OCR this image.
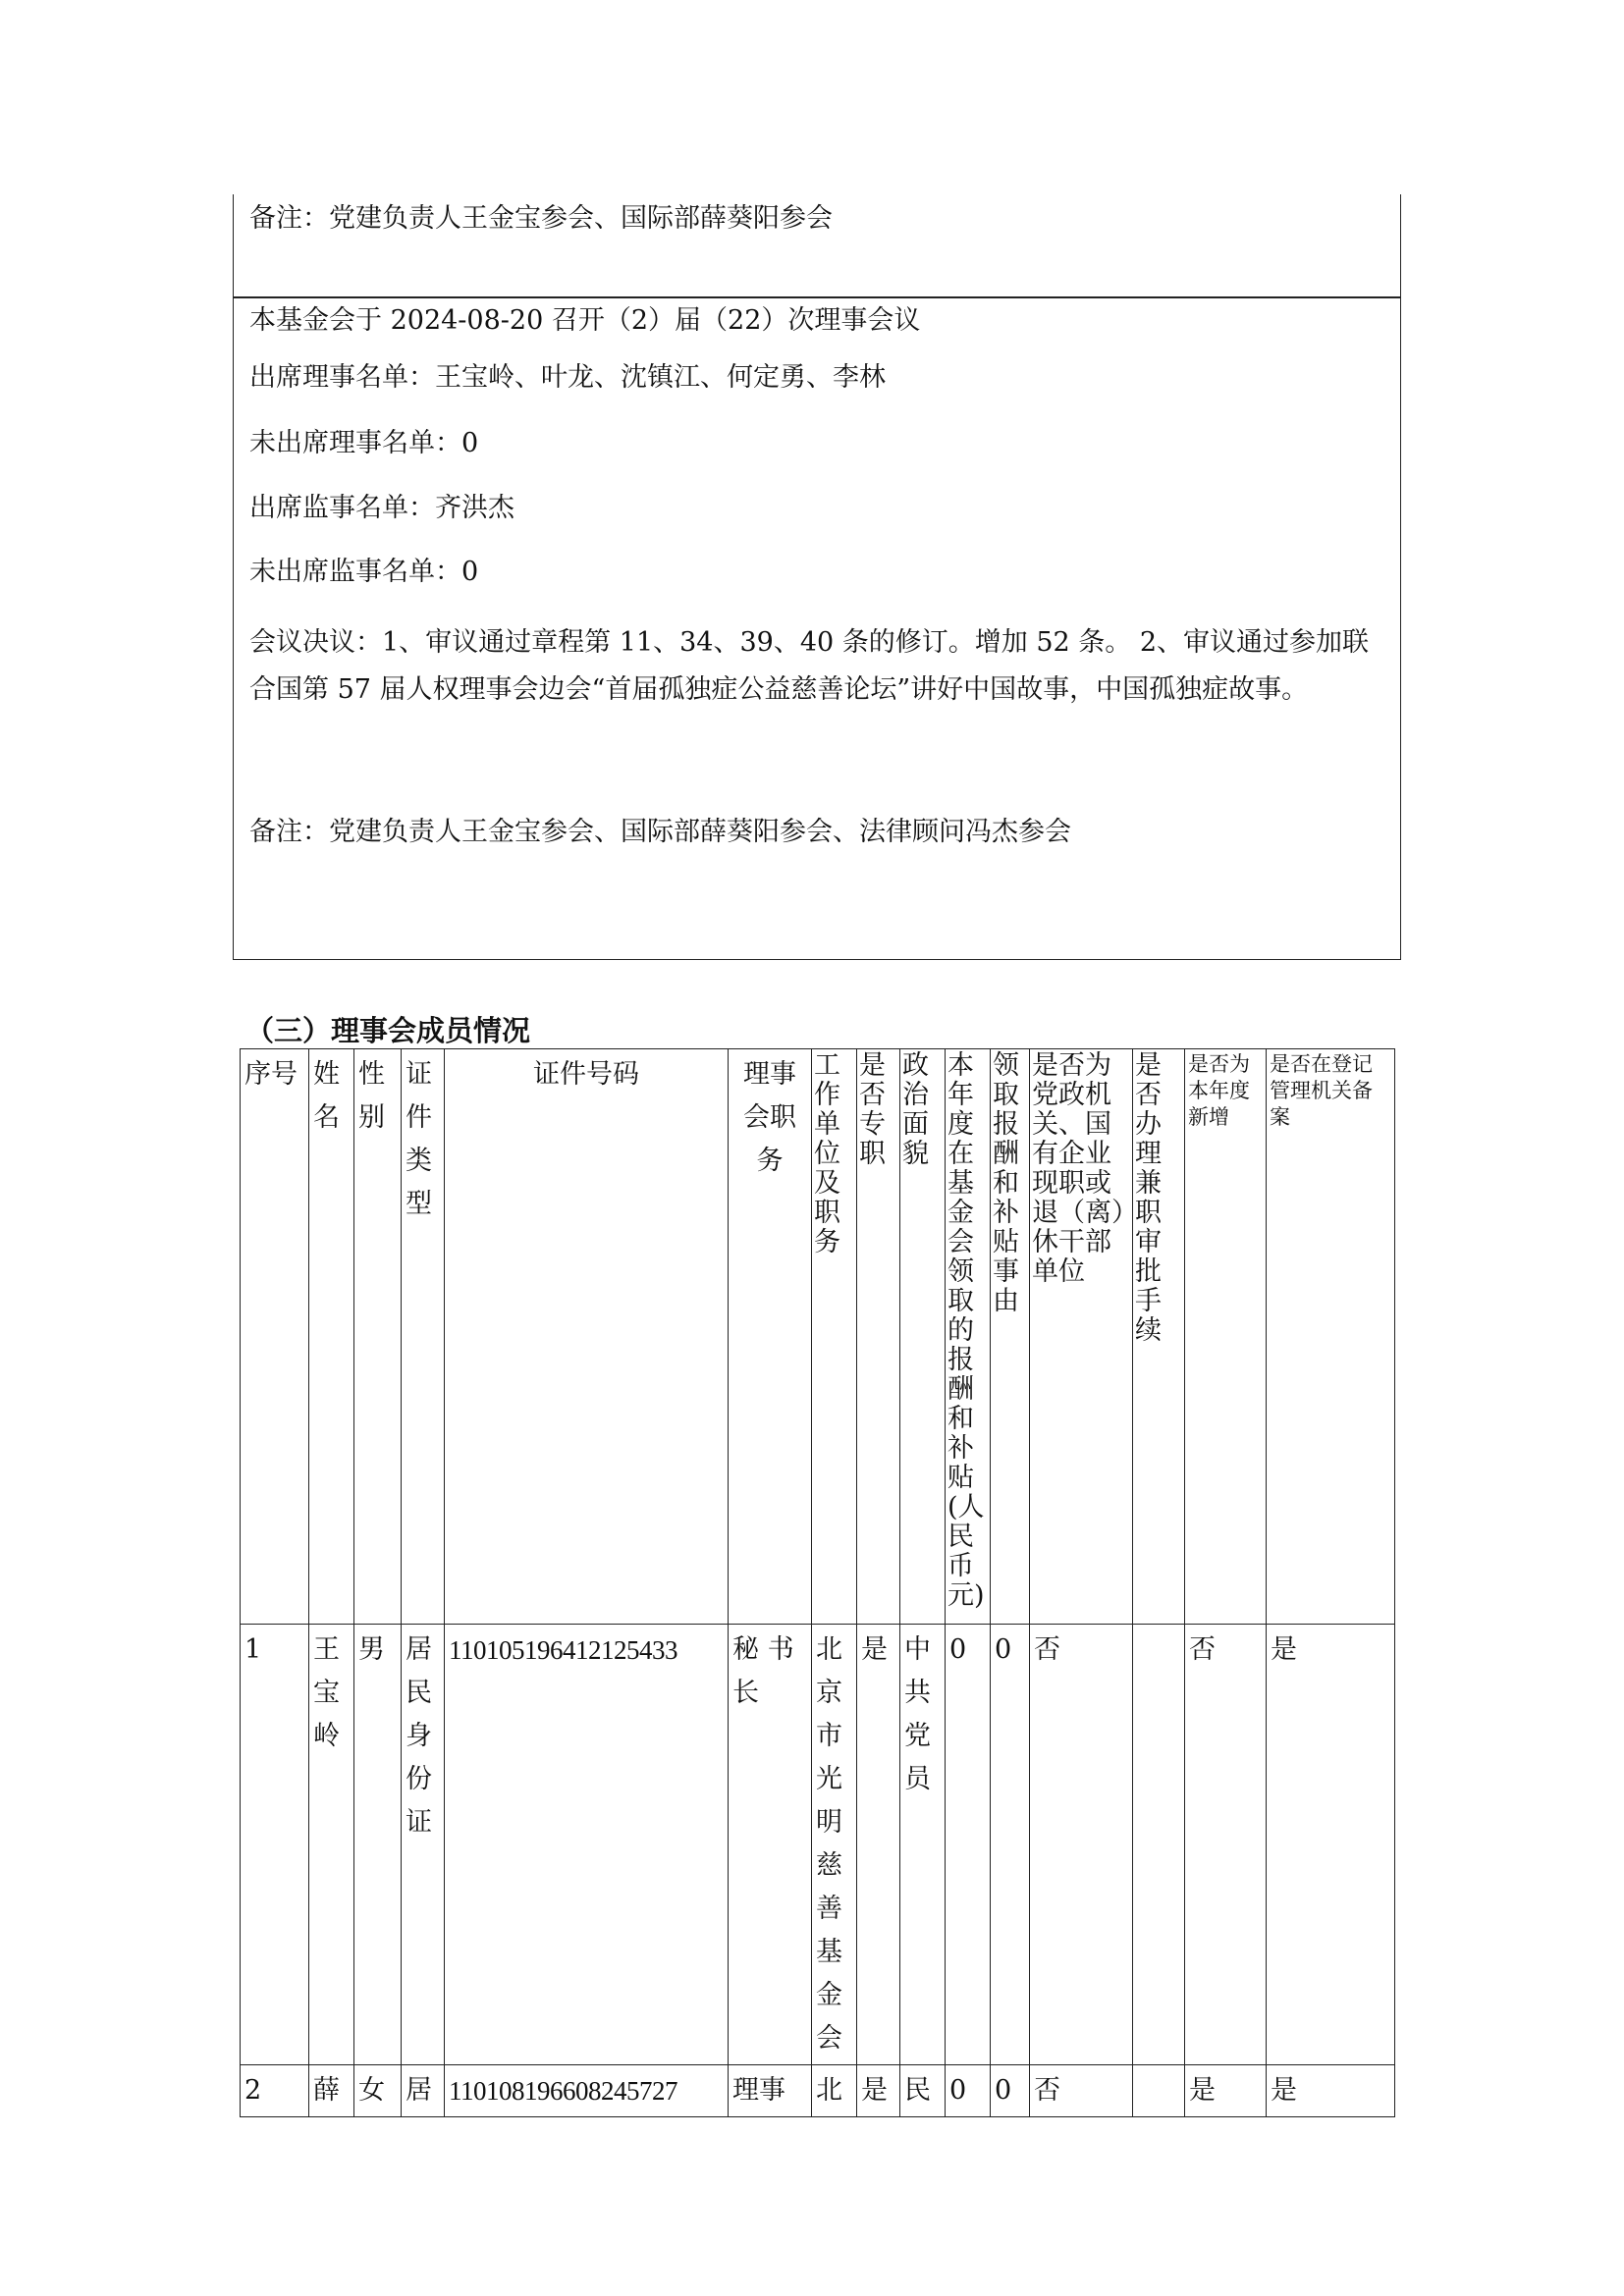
备注：党建负责人王金宝参会、国际部薛葵阳参会
本基金会于 2024-08-20 召开（2）届（22）次理事会议
出席理事名单：王宝岭、叶龙、沈镇江、何定勇、李林
未出席理事名单：0
出席监事名单：齐洪杰
未出席监事名单：0
会议决议：1、审议通过章程第 11、34、39、40 条的修订。增加 52 条。 2、审议通过参加联合国第 57 届人权理事会边会“首届孤独症公益慈善论坛”讲好中国故事，中国孤独症故事。
备注：党建负责人王金宝参会、国际部薛葵阳参会、法律顾问冯杰参会
（三）理事会成员情况
序号	姓名	性别	证件类型	证件号码	理事会职务	工作单位及职务	是否专职	政治面貌	本年度在基金会领取的报酬和补贴(人民币元)	领取报酬和补贴事由	是否为党政机关、国有企业现职或退（离）休干部单位	是否办理兼职审批手续	是否为本年度新增	是否在登记管理机关备案
1	王宝岭	男	居民身份证	110105196412125433	秘 书长	北京市光明慈善基金会	是	中共党员	0	0	否		否	是
2	薛	女	居	110108196608245727	理事	北	是	民	0	0	否		是	是
